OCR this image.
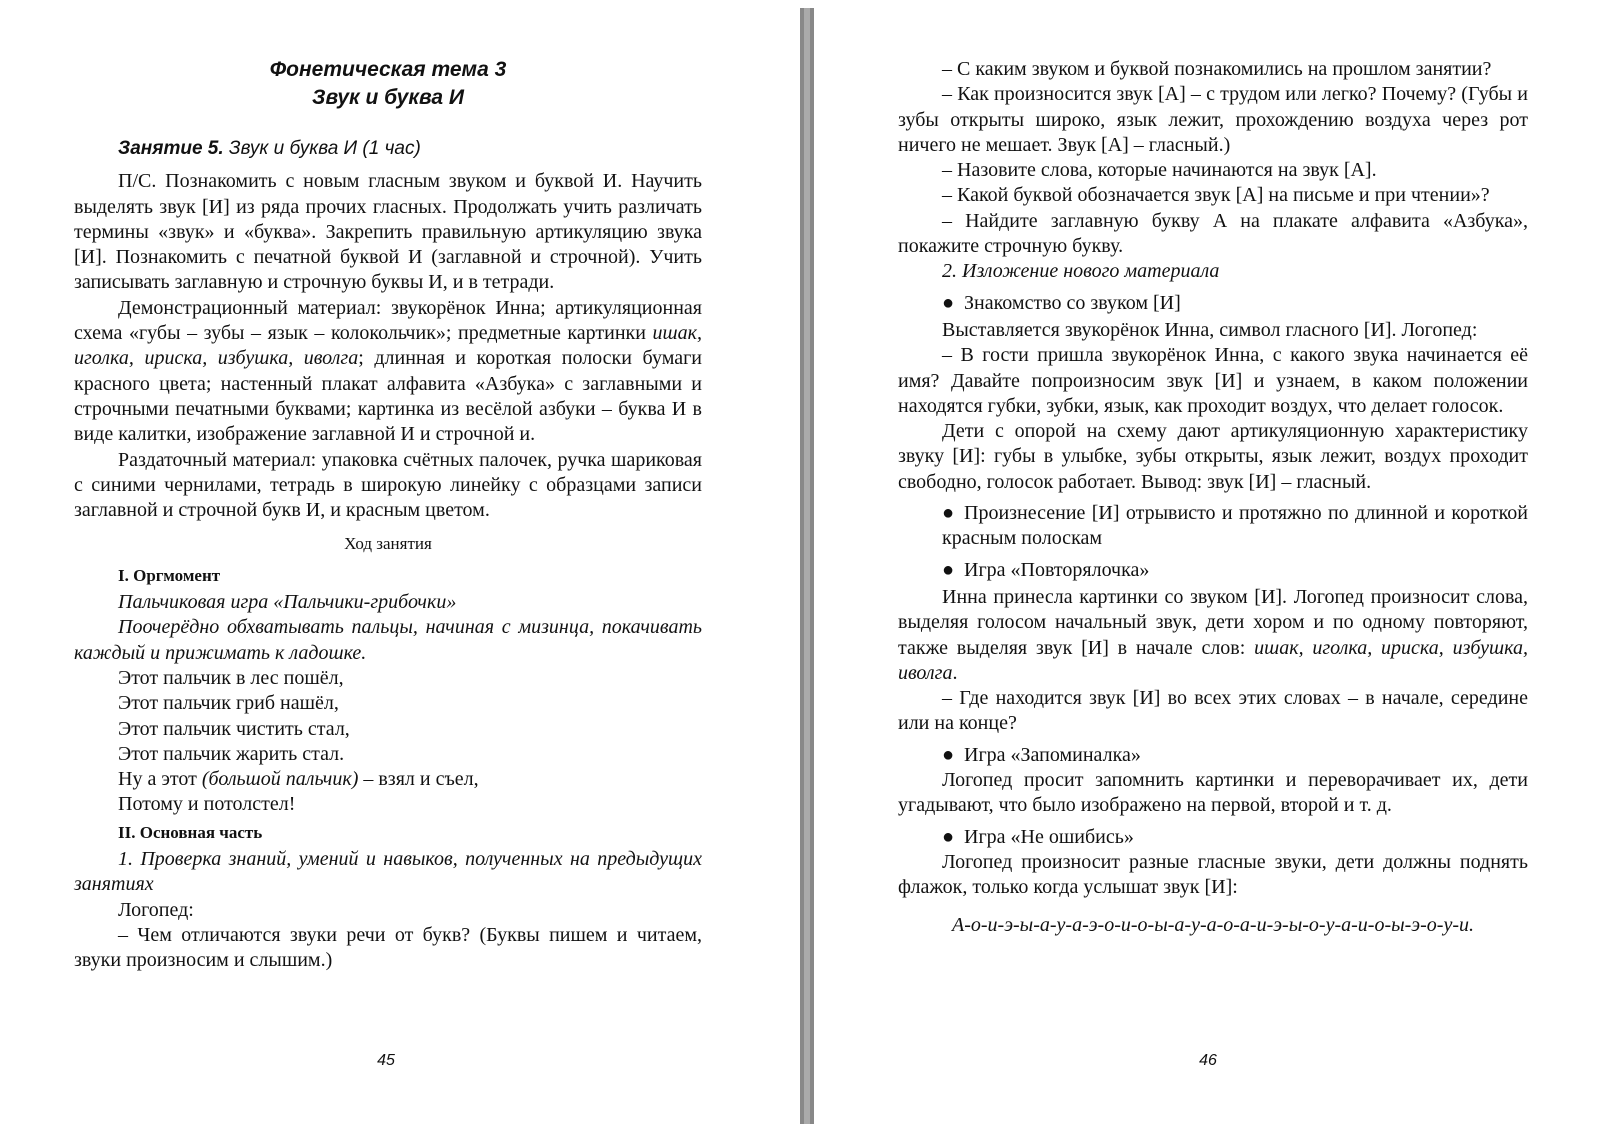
Фонетическая тема 3

Звук и буква И

Занятие 5. Звук и буква И (1 час)

П/С. Познакомить с новым гласным звуком и буквой И. Научить выделять звук [И] из ряда прочих гласных. Продолжать учить различать термины «звук» и «буква». Закрепить правильную артикуляцию звука [И]. Познакомить с печатной буквой И (заглавной и строчной). Учить записывать заглавную и строчную буквы И, и в тетради.

Демонстрационный материал: звукорёнок Инна; артикуляционная схема «губы – зубы – язык – колокольчик»; предметные картинки ишак, иголка, ириска, избушка, иволга; длинная и короткая полоски бумаги красного цвета; настенный плакат алфавита «Азбука» с заглавными и строчными печатными буквами; картинка из весёлой азбуки – буква И в виде калитки, изображение заглавной И и строчной и.

Раздаточный материал: упаковка счётных палочек, ручка шариковая с синими чернилами, тетрадь в широкую линейку с образцами записи заглавной и строчной букв И, и красным цветом.

Ход занятия

I. Оргмомент

Пальчиковая игра «Пальчики-грибочки»

Поочерёдно обхватывать пальцы, начиная с мизинца, покачивать каждый и прижимать к ладошке.

Этот пальчик в лес пошёл,

Этот пальчик гриб нашёл,

Этот пальчик чистить стал,

Этот пальчик жарить стал.

Ну а этот (большой пальчик) – взял и съел,

Потому и потолстел!

II. Основная часть

1. Проверка знаний, умений и навыков, полученных на предыдущих занятиях

Логопед:

– Чем отличаются звуки речи от букв? (Буквы пишем и читаем, звуки произносим и слышим.)

45

– С каким звуком и буквой познакомились на прошлом занятии?

– Как произносится звук [А] – с трудом или легко? Почему? (Губы и зубы открыты широко, язык лежит, прохождению воздуха через рот ничего не мешает. Звук [А] – гласный.)

– Назовите слова, которые начинаются на звук [А].

– Какой буквой обозначается звук [А] на письме и при чтении»?

– Найдите заглавную букву А на плакате алфавита «Азбука», покажите строчную букву.

2. Изложение нового материала

● Знакомство со звуком [И]

Выставляется звукорёнок Инна, символ гласного [И]. Логопед:

– В гости пришла звукорёнок Инна, с какого звука начинается её имя? Давайте попроизносим звук [И] и узнаем, в каком положении находятся губки, зубки, язык, как проходит воздух, что делает голосок.

Дети с опорой на схему дают артикуляционную характеристику звуку [И]: губы в улыбке, зубы открыты, язык лежит, воздух проходит свободно, голосок работает. Вывод: звук [И] – гласный.

● Произнесение [И] отрывисто и протяжно по длинной и короткой красным полоскам

● Игра «Повторялочка»

Инна принесла картинки со звуком [И]. Логопед произносит слова, выделяя голосом начальный звук, дети хором и по одному повторяют, также выделяя звук [И] в начале слов: ишак, иголка, ириска, избушка, иволга.

– Где находится звук [И] во всех этих словах – в начале, середине или на конце?

● Игра «Запоминалка»

Логопед просит запомнить картинки и переворачивает их, дети угадывают, что было изображено на первой, второй и т. д.

● Игра «Не ошибись»

Логопед произносит разные гласные звуки, дети должны поднять флажок, только когда услышат звук [И]:

А-о-и-э-ы-а-у-а-э-о-и-о-ы-а-у-а-о-а-и-э-ы-о-у-а-и-о-ы-э-о-у-и.

46
